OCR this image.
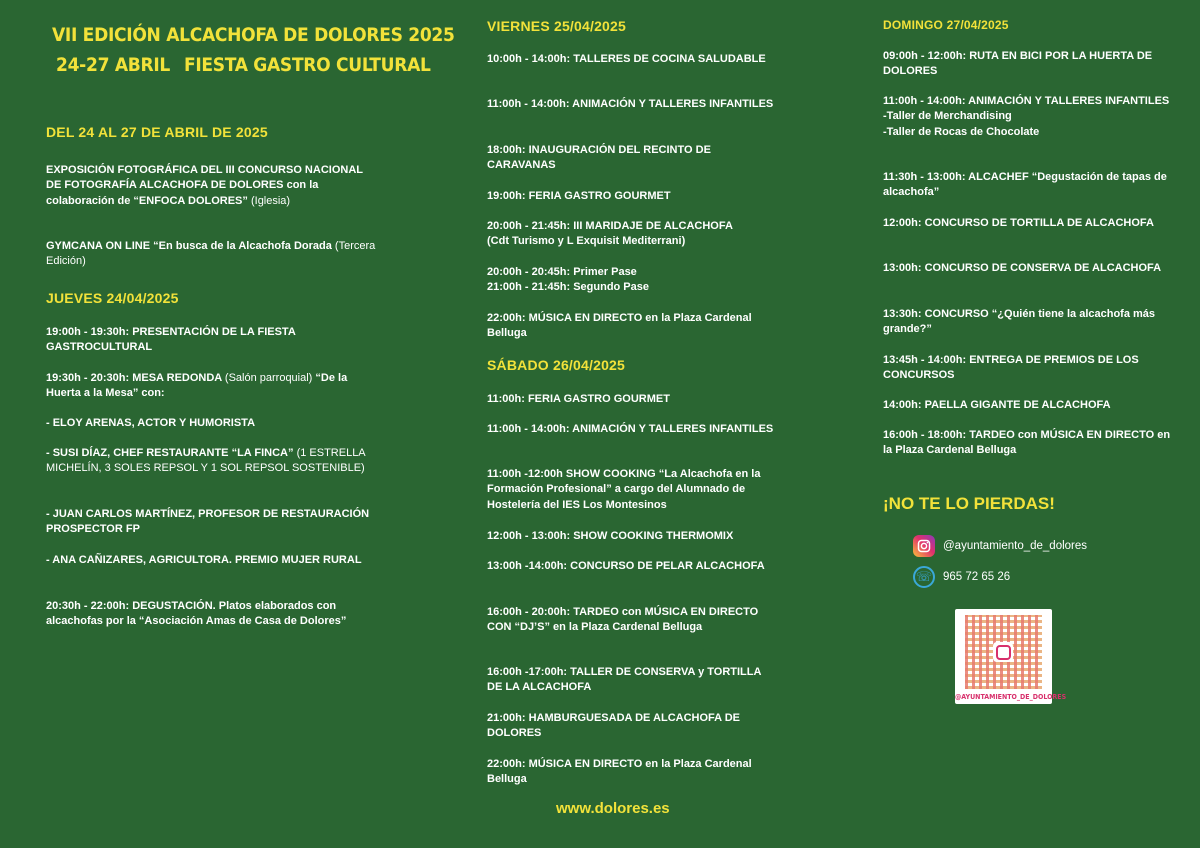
VII EDICIÓN ALCACHOFA DE DOLORES 2025
24-27 ABRIL FIESTA GASTRO CULTURAL

DEL 24 AL 27 DE ABRIL DE 2025

EXPOSICIÓN FOTOGRÁFICA DEL III CONCURSO NACIONAL DE FOTOGRAFÍA ALCACHOFA DE DOLORES con la colaboración de “ENFOCA DOLORES” (Iglesia)

GYMCANA ON LINE “En busca de la Alcachofa Dorada (Tercera Edición)

JUEVES 24/04/2025

19:00h - 19:30h: PRESENTACIÓN DE LA FIESTA GASTROCULTURAL

19:30h - 20:30h: MESA REDONDA (Salón parroquial) “De la Huerta a la Mesa” con:

- ELOY ARENAS, ACTOR Y HUMORISTA

- SUSI DÍAZ, CHEF RESTAURANTE “LA FINCA” (1 ESTRELLA MICHELÍN, 3 SOLES REPSOL Y 1 SOL REPSOL SOSTENIBLE)

- JUAN CARLOS MARTÍNEZ, PROFESOR DE RESTAURACIÓN PROSPECTOR FP

- ANA CAÑIZARES, AGRICULTORA. PREMIO MUJER RURAL

20:30h - 22:00h: DEGUSTACIÓN. Platos elaborados con alcachofas por la “Asociación Amas de Casa de Dolores”

VIERNES 25/04/2025

10:00h - 14:00h: TALLERES DE COCINA SALUDABLE

11:00h - 14:00h: ANIMACIÓN Y TALLERES INFANTILES

18:00h: INAUGURACIÓN DEL RECINTO DE CARAVANAS

19:00h: FERIA GASTRO GOURMET

20:00h - 21:45h: III MARIDAJE DE ALCACHOFA

(Cdt Turismo y L Exquisit Mediterrani)

20:00h - 20:45h: Primer Pase

21:00h - 21:45h: Segundo Pase

22:00h: MÚSICA EN DIRECTO en la Plaza Cardenal Belluga

SÁBADO 26/04/2025

11:00h: FERIA GASTRO GOURMET

11:00h - 14:00h: ANIMACIÓN Y TALLERES INFANTILES

11:00h -12:00h SHOW COOKING “La Alcachofa en la Formación Profesional” a cargo del Alumnado de Hostelería del IES Los Montesinos

12:00h - 13:00h: SHOW COOKING THERMOMIX

13:00h -14:00h: CONCURSO DE PELAR ALCACHOFA

16:00h - 20:00h: TARDEO con MÚSICA EN DIRECTO CON “DJ’S” en la Plaza Cardenal Belluga

16:00h -17:00h: TALLER DE CONSERVA y TORTILLA DE LA ALCACHOFA

21:00h: HAMBURGUESADA DE ALCACHOFA DE DOLORES

22:00h: MÚSICA EN DIRECTO en la Plaza Cardenal Belluga

www.dolores.es

DOMINGO 27/04/2025

09:00h - 12:00h: RUTA EN BICI POR LA HUERTA DE DOLORES

11:00h - 14:00h: ANIMACIÓN Y TALLERES INFANTILES

-Taller de Merchandising

-Taller de Rocas de Chocolate

11:30h - 13:00h: ALCACHEF “Degustación de tapas de alcachofa”

12:00h: CONCURSO DE TORTILLA DE ALCACHOFA

13:00h: CONCURSO DE CONSERVA DE ALCACHOFA

13:30h: CONCURSO “¿Quién tiene la alcachofa más grande?”

13:45h - 14:00h: ENTREGA DE PREMIOS DE LOS CONCURSOS

14:00h: PAELLA GIGANTE DE ALCACHOFA

16:00h - 18:00h: TARDEO con MÚSICA EN DIRECTO en la Plaza Cardenal Belluga

¡NO TE LO PIERDAS!

@ayuntamiento_de_dolores
☏ 965 72 65 26
@AYUNTAMIENTO_DE_DOLORES
